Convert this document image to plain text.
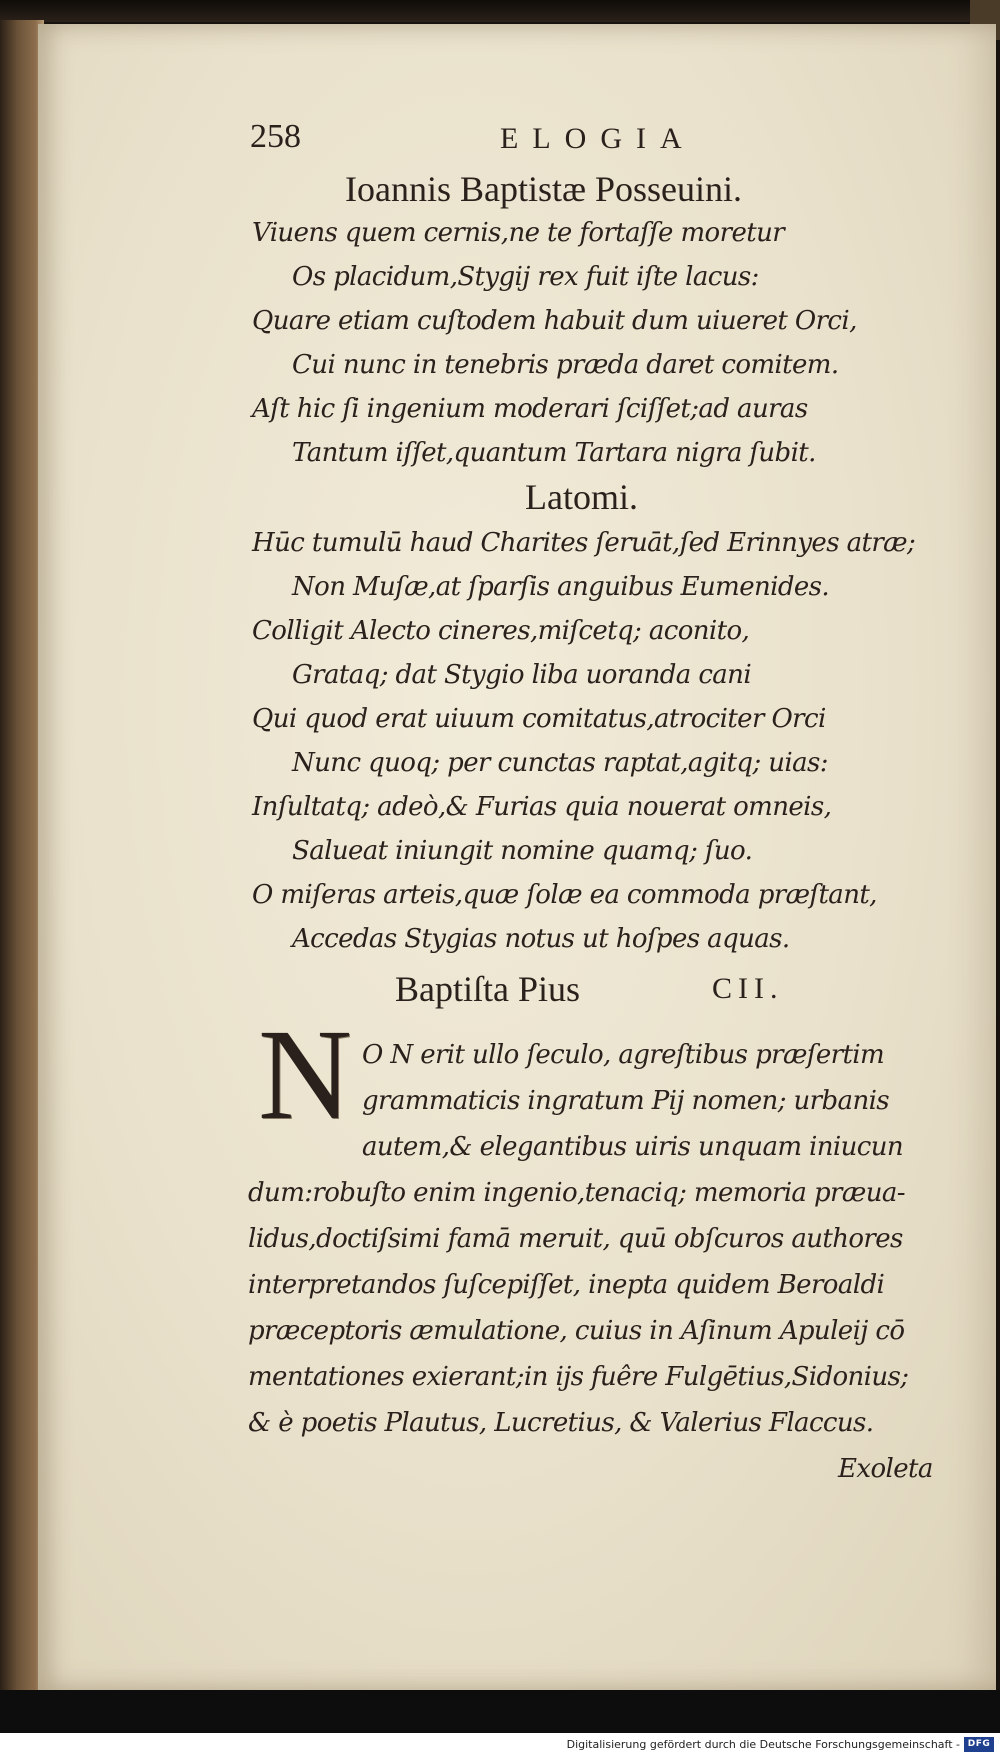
258	ELOGIA
Ioannis Baptistæ Posseuini.
Viuens quem cernis,ne te fortaſſe moretur
Os placidum,Stygij rex fuit iſte lacus:
Quare etiam cuſtodem habuit dum uiueret Orci,
Cui nunc in tenebris præda daret comitem.
Aſt hic ſi ingenium moderari ſciſſet;ad auras
Tantum iſſet,quantum Tartara nigra ſubit.
Latomi.
Hūc tumulū haud Charites ſeruāt,ſed Erinnyes atræ;
Non Muſæ,at ſparſis anguibus Eumenides.
Colligit Alecto cineres,miſcetq; aconito,
Grataq; dat Stygio liba uoranda cani
Qui quod erat uiuum comitatus,atrociter Orci
Nunc quoq; per cunctas raptat,agitq; uias:
Inſultatq; adeò,& Furias quia nouerat omneis,
Salueat iniungit nomine quamq; ſuo.
O miſeras arteis,quæ ſolæ ea commoda præſtant,
Accedas Stygias notus ut hoſpes aquas.
Baptiſta Pius	CII.
N O N erit ullo ſeculo, agreſtibus præſertim
grammaticis ingratum Pij nomen; urbanis
autem,& elegantibus uiris unquam iniucun
dum:robuſto enim ingenio,tenaciq; memoria præua-
lidus,doctiſsimi famā meruit, quū obſcuros authores
interpretandos ſuſcepiſſet, inepta quidem Beroaldi
præceptoris æmulatione, cuius in Aſinum Apuleij cō
mentationes exierant;in ijs fuêre Fulgētius,Sidonius;
& è poetis Plautus, Lucretius, & Valerius Flaccus.
Exoleta
Digitalisierung gefördert durch die Deutsche Forschungsgemeinschaft - DFG
